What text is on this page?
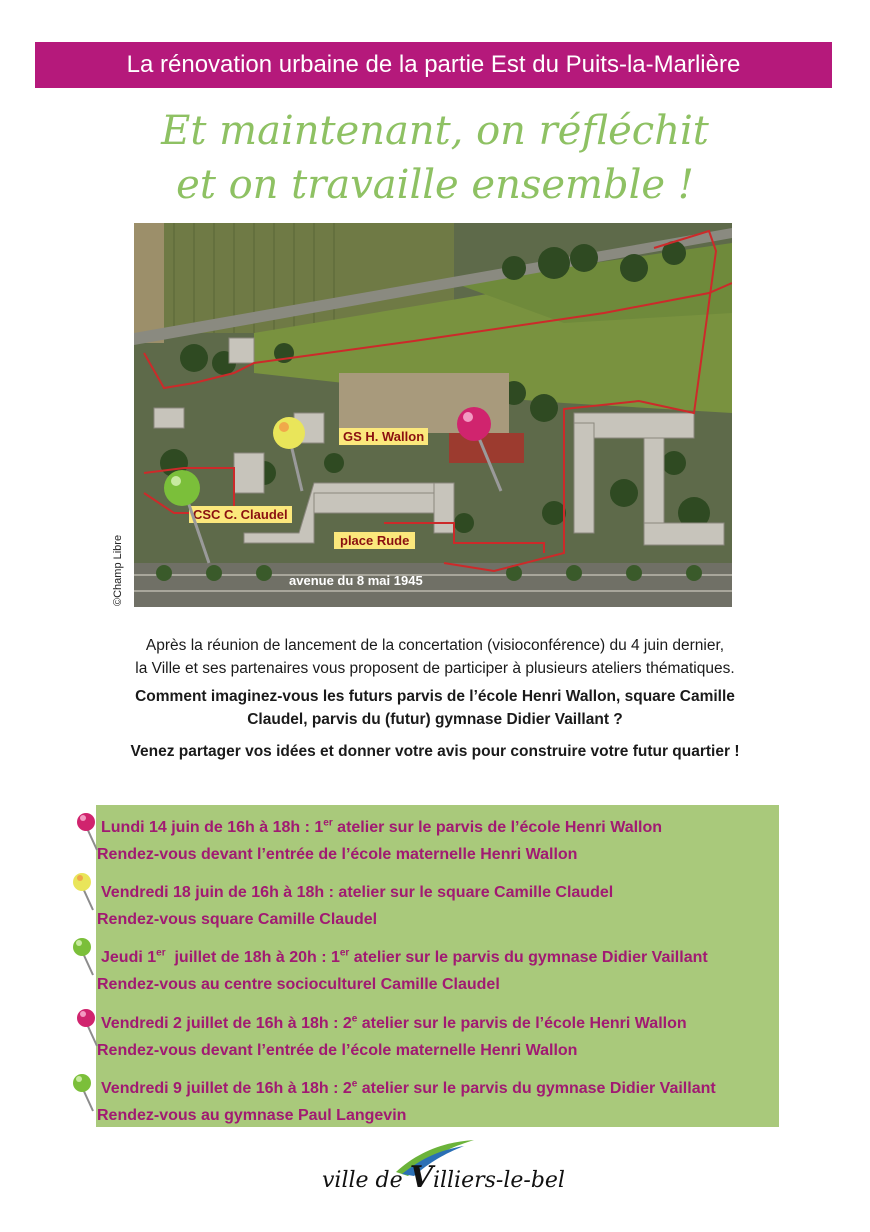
La rénovation urbaine de la partie Est du Puits-la-Marlière
Et maintenant, on réfléchit
et on travaille ensemble !
GS H. Wallon
CSC C. Claudel
place Rude
avenue du 8 mai 1945
©Champ Libre

Après la réunion de lancement de la concertation (visioconférence) du 4 juin dernier,

la Ville et ses partenaires vous proposent de participer à plusieurs ateliers thématiques.

Comment imaginez-vous les futurs parvis de l’école Henri Wallon, square Camille

Claudel, parvis du (futur) gymnase Didier Vaillant ?

Venez partager vos idées et donner votre avis pour construire votre futur quartier !

Lundi 14 juin de 16h à 18h : 1er atelier sur le parvis de l’école Henri Wallon
Rendez-vous devant l’entrée de l’école maternelle Henri Wallon
Vendredi 18 juin de 16h à 18h : atelier sur le square Camille Claudel
Rendez-vous square Camille Claudel
Jeudi 1er  juillet de 18h à 20h : 1er atelier sur le parvis du gymnase Didier Vaillant
Rendez-vous au centre socioculturel Camille Claudel
Vendredi 2 juillet de 16h à 18h : 2e atelier sur le parvis de l’école Henri Wallon
Rendez-vous devant l’entrée de l’école maternelle Henri Wallon
Vendredi 9 juillet de 16h à 18h : 2e atelier sur le parvis du gymnase Didier Vaillant
Rendez-vous au gymnase Paul Langevin
ville de Villiers-le-bel
